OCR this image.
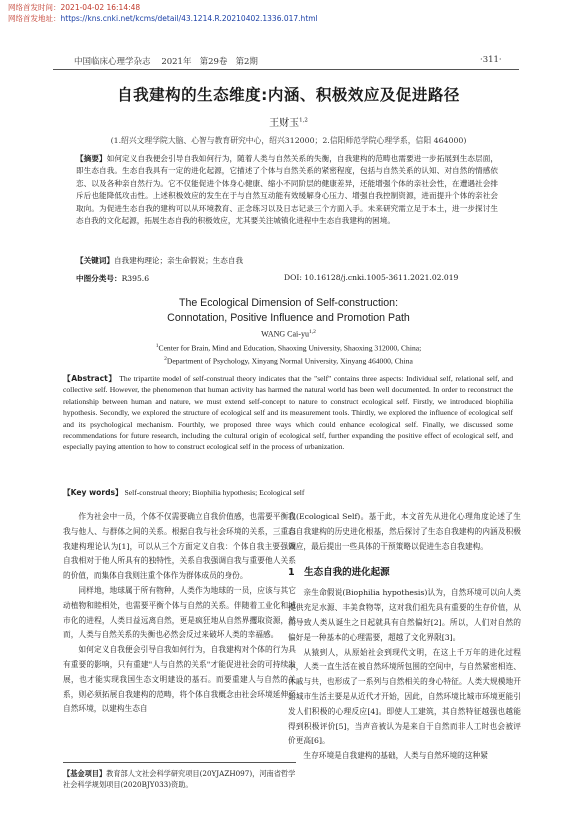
网络首发时间：2021-04-02 16:14:48
网络首发地址：https://kns.cnki.net/kcms/detail/43.1214.R.20210402.1336.017.html
中国临床心理学杂志 2021年 第29卷 第2期	·311·
自我建构的生态维度:内涵、积极效应及促进路径
王财玉$^{1,2}$
(1.绍兴文理学院大脑、心智与教育研究中心，绍兴312000；2.信阳师范学院心理学系，信阳 464000)
【摘要】如何定义自我便会引导自我如何行为，随着人类与自然关系的失衡，自我建构的范畴也需要进一步拓展到生态层面，即生态自我。生态自我具有一定的进化起源，它描述了个体与自然关系的紧密程度，包括与自然关系的认知、对自然的情感依恋、以及各种亲自然行为。它不仅能促进个体身心健康、缩小不同阶层的健康差异，还能增强个体的亲社会性，在遭遇社会排斥后也能降低攻击性。上述积极效应的发生在于与自然互动能有效缓解身心压力、增强自我控制资源，进而提升个体的亲社会取向。为促进生态自我的建构可以从环境教育、正念练习以及日志记录三个方面入手。未来研究需立足于本土，进一步探讨生态自我的文化起源，拓展生态自我的积极效应，尤其要关注城镇化进程中生态自我建构的困境。
【关键词】自我建构理论；亲生命假说；生态自我
中图分类号：R395.6	DOI: 10.16128/j.cnki.1005-3611.2021.02.019
The Ecological Dimension of Self-construction:
Connotation, Positive Influence and Promotion Path
WANG Cai-yu$^{1,2}$
$^1$Center for Brain, Mind and Education, Shaoxing University, Shaoxing 312000, China;
$^2$Department of Psychology, Xinyang Normal University, Xinyang 464000, China
【Abstract】 The tripartite model of self-construal theory indicates that the "self" contains three aspects: Individual self, relational self, and collective self. However, the phenomenon that human activity has harmed the natural world has been well documented. In order to reconstruct the relationship between human and nature, we must extend self-concept to nature to construct ecological self. Firstly, we introduced biophilia hypothesis. Secondly, we explored the structure of ecological self and its measurement tools. Thirdly, we explored the influence of ecological self and its psychological mechanism. Fourthly, we proposed three ways which could enhance ecological self. Finally, we discussed some recommendations for future research, including the cultural origin of ecological self, further expanding the positive effect of ecological self, and especially paying attention to how to construct ecological self in the process of urbanization.
【Key words】 Self-construal theory; Biophilia hypothesis; Ecological self

作为社会中一员，个体不仅需要确立自我价值感，也需要平衡自我与他人、与群体之间的关系。根据自我与社会环境的关系，三重自我建构理论认为[1]，可以从三个方面定义自我：个体自我主要强调自我相对于他人所具有的独特性，关系自我强调自我与重要他人关系的价值，而集体自我则注重个体作为群体成员的身份。

同样地，地球属于所有物种，人类作为地球的一员，应该与其它动植物和睦相处，也需要平衡个体与自然的关系。伴随着工业化和城市化的进程，人类日益远离自然，更是疯狂地从自然界攫取资源，然而，人类与自然关系的失衡也必然会反过来破坏人类的幸福感。

如何定义自我便会引导自我如何行为，自我建构对个体的行为具有重要的影响，只有重建"人与自然的关系"才能促进社会的可持续发展，也才能实现我国生态文明建设的基石。而要重建人与自然的关系，则必须拓展自我建构的范畴，将个体自我概念由社会环境延伸至自然环境，以建构生态自

【基金项目】教育部人文社会科学研究项目(20YJAZH097)，河南省哲学社会科学规划项目(2020BJY033)资助。

我(Ecological Self)。基于此，本文首先从进化心理角度论述了生态自我建构的历史进化根基，然后探讨了生态自我建构的内涵及积极效应，最后提出一些具体的干预策略以促进生态自我建构。

1　生态自我的进化起源

亲生命假说(Biophilia hypothesis)认为，自然环境可以向人类提供充足水源、丰美食物等，这对我们祖先具有重要的生存价值，从而导致人类从诞生之日起就具有自然偏好[2]。所以，人们对自然的偏好是一种基本的心理需要，超越了文化界限[3]。

从猿到人，从原始社会到现代文明，在这上千万年的进化过程中，人类一直生活在被自然环境所包围的空间中，与自然紧密相连、休戚与共，也形成了一系列与自然相关的身心特征。人类大规模地开始城市生活主要是从近代才开始，因此，自然环境比城市环境更能引发人们积极的心理反应[4]。即使人工建筑，其自然特征越强也越能得到积极评价[5]，当声音被认为是来自于自然而非人工时也会被评价更高[6]。

生存环境是自我建构的基础，人类与自然环境的这种紧
